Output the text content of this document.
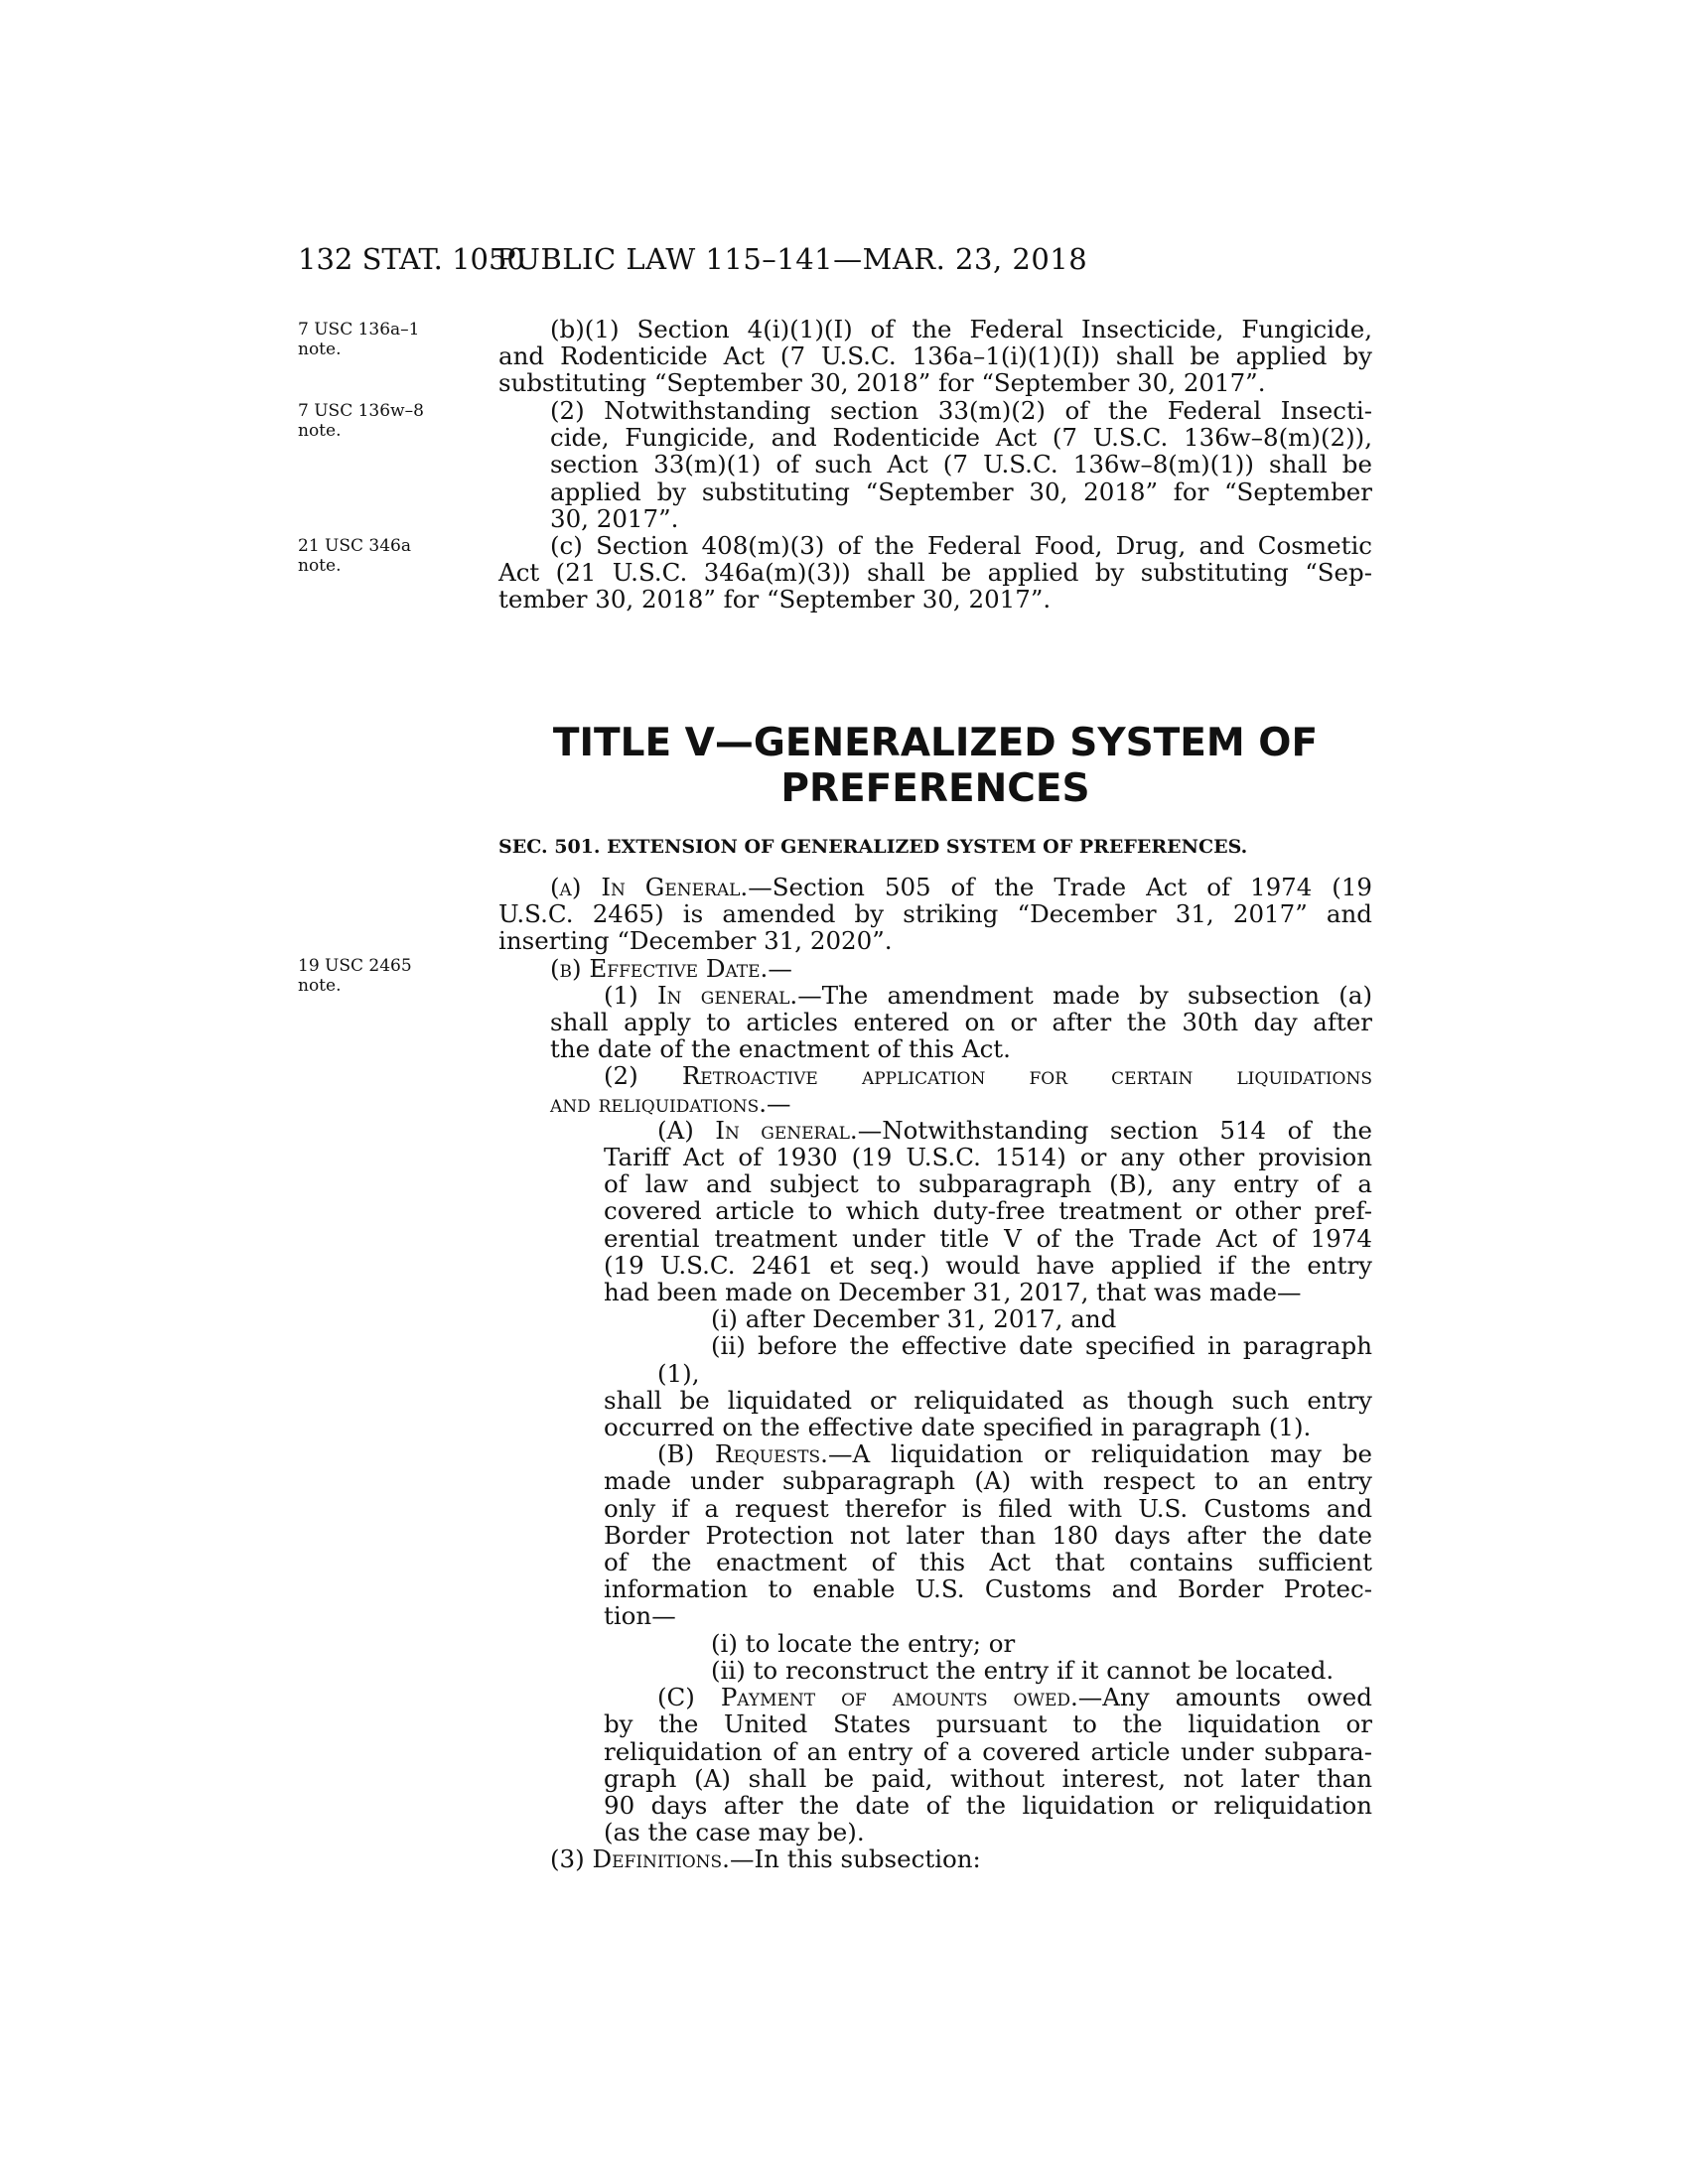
132 STAT. 1050
PUBLIC LAW 115–141—MAR. 23, 2018
7 USC 136a–1
note.
7 USC 136w–8
note.
21 USC 346a
note.
19 USC 2465
note.
(b)(1) Section 4(i)(1)(I) of the Federal Insecticide, Fungicide,
and Rodenticide Act (7 U.S.C. 136a–1(i)(1)(I)) shall be applied by
substituting “September 30, 2018” for “September 30, 2017”.
(2) Notwithstanding section 33(m)(2) of the Federal Insecti-
cide, Fungicide, and Rodenticide Act (7 U.S.C. 136w–8(m)(2)),
section 33(m)(1) of such Act (7 U.S.C. 136w–8(m)(1)) shall be
applied by substituting “September 30, 2018” for “September
30, 2017”.
(c) Section 408(m)(3) of the Federal Food, Drug, and Cosmetic
Act (21 U.S.C. 346a(m)(3)) shall be applied by substituting “Sep-
tember 30, 2018” for “September 30, 2017”.
TITLE V—GENERALIZED SYSTEM OF
PREFERENCES
SEC. 501. EXTENSION OF GENERALIZED SYSTEM OF PREFERENCES.
(a) In General.—Section 505 of the Trade Act of 1974 (19
U.S.C. 2465) is amended by striking “December 31, 2017” and
inserting “December 31, 2020”.
(b) Effective Date.—
(1) In general.—The amendment made by subsection (a)
shall apply to articles entered on or after the 30th day after
the date of the enactment of this Act.
(2) Retroactive application for certain liquidations
and reliquidations.—
(A) In general.—Notwithstanding section 514 of the
Tariff Act of 1930 (19 U.S.C. 1514) or any other provision
of law and subject to subparagraph (B), any entry of a
covered article to which duty-free treatment or other pref-
erential treatment under title V of the Trade Act of 1974
(19 U.S.C. 2461 et seq.) would have applied if the entry
had been made on December 31, 2017, that was made—
(i) after December 31, 2017, and
(ii) before the effective date specified in paragraph
(1),
shall be liquidated or reliquidated as though such entry
occurred on the effective date specified in paragraph (1).
(B) Requests.—A liquidation or reliquidation may be
made under subparagraph (A) with respect to an entry
only if a request therefor is filed with U.S. Customs and
Border Protection not later than 180 days after the date
of the enactment of this Act that contains sufficient
information to enable U.S. Customs and Border Protec-
tion—
(i) to locate the entry; or
(ii) to reconstruct the entry if it cannot be located.
(C) Payment of amounts owed.—Any amounts owed
by the United States pursuant to the liquidation or
reliquidation of an entry of a covered article under subpara-
graph (A) shall be paid, without interest, not later than
90 days after the date of the liquidation or reliquidation
(as the case may be).
(3) Definitions.—In this subsection:
